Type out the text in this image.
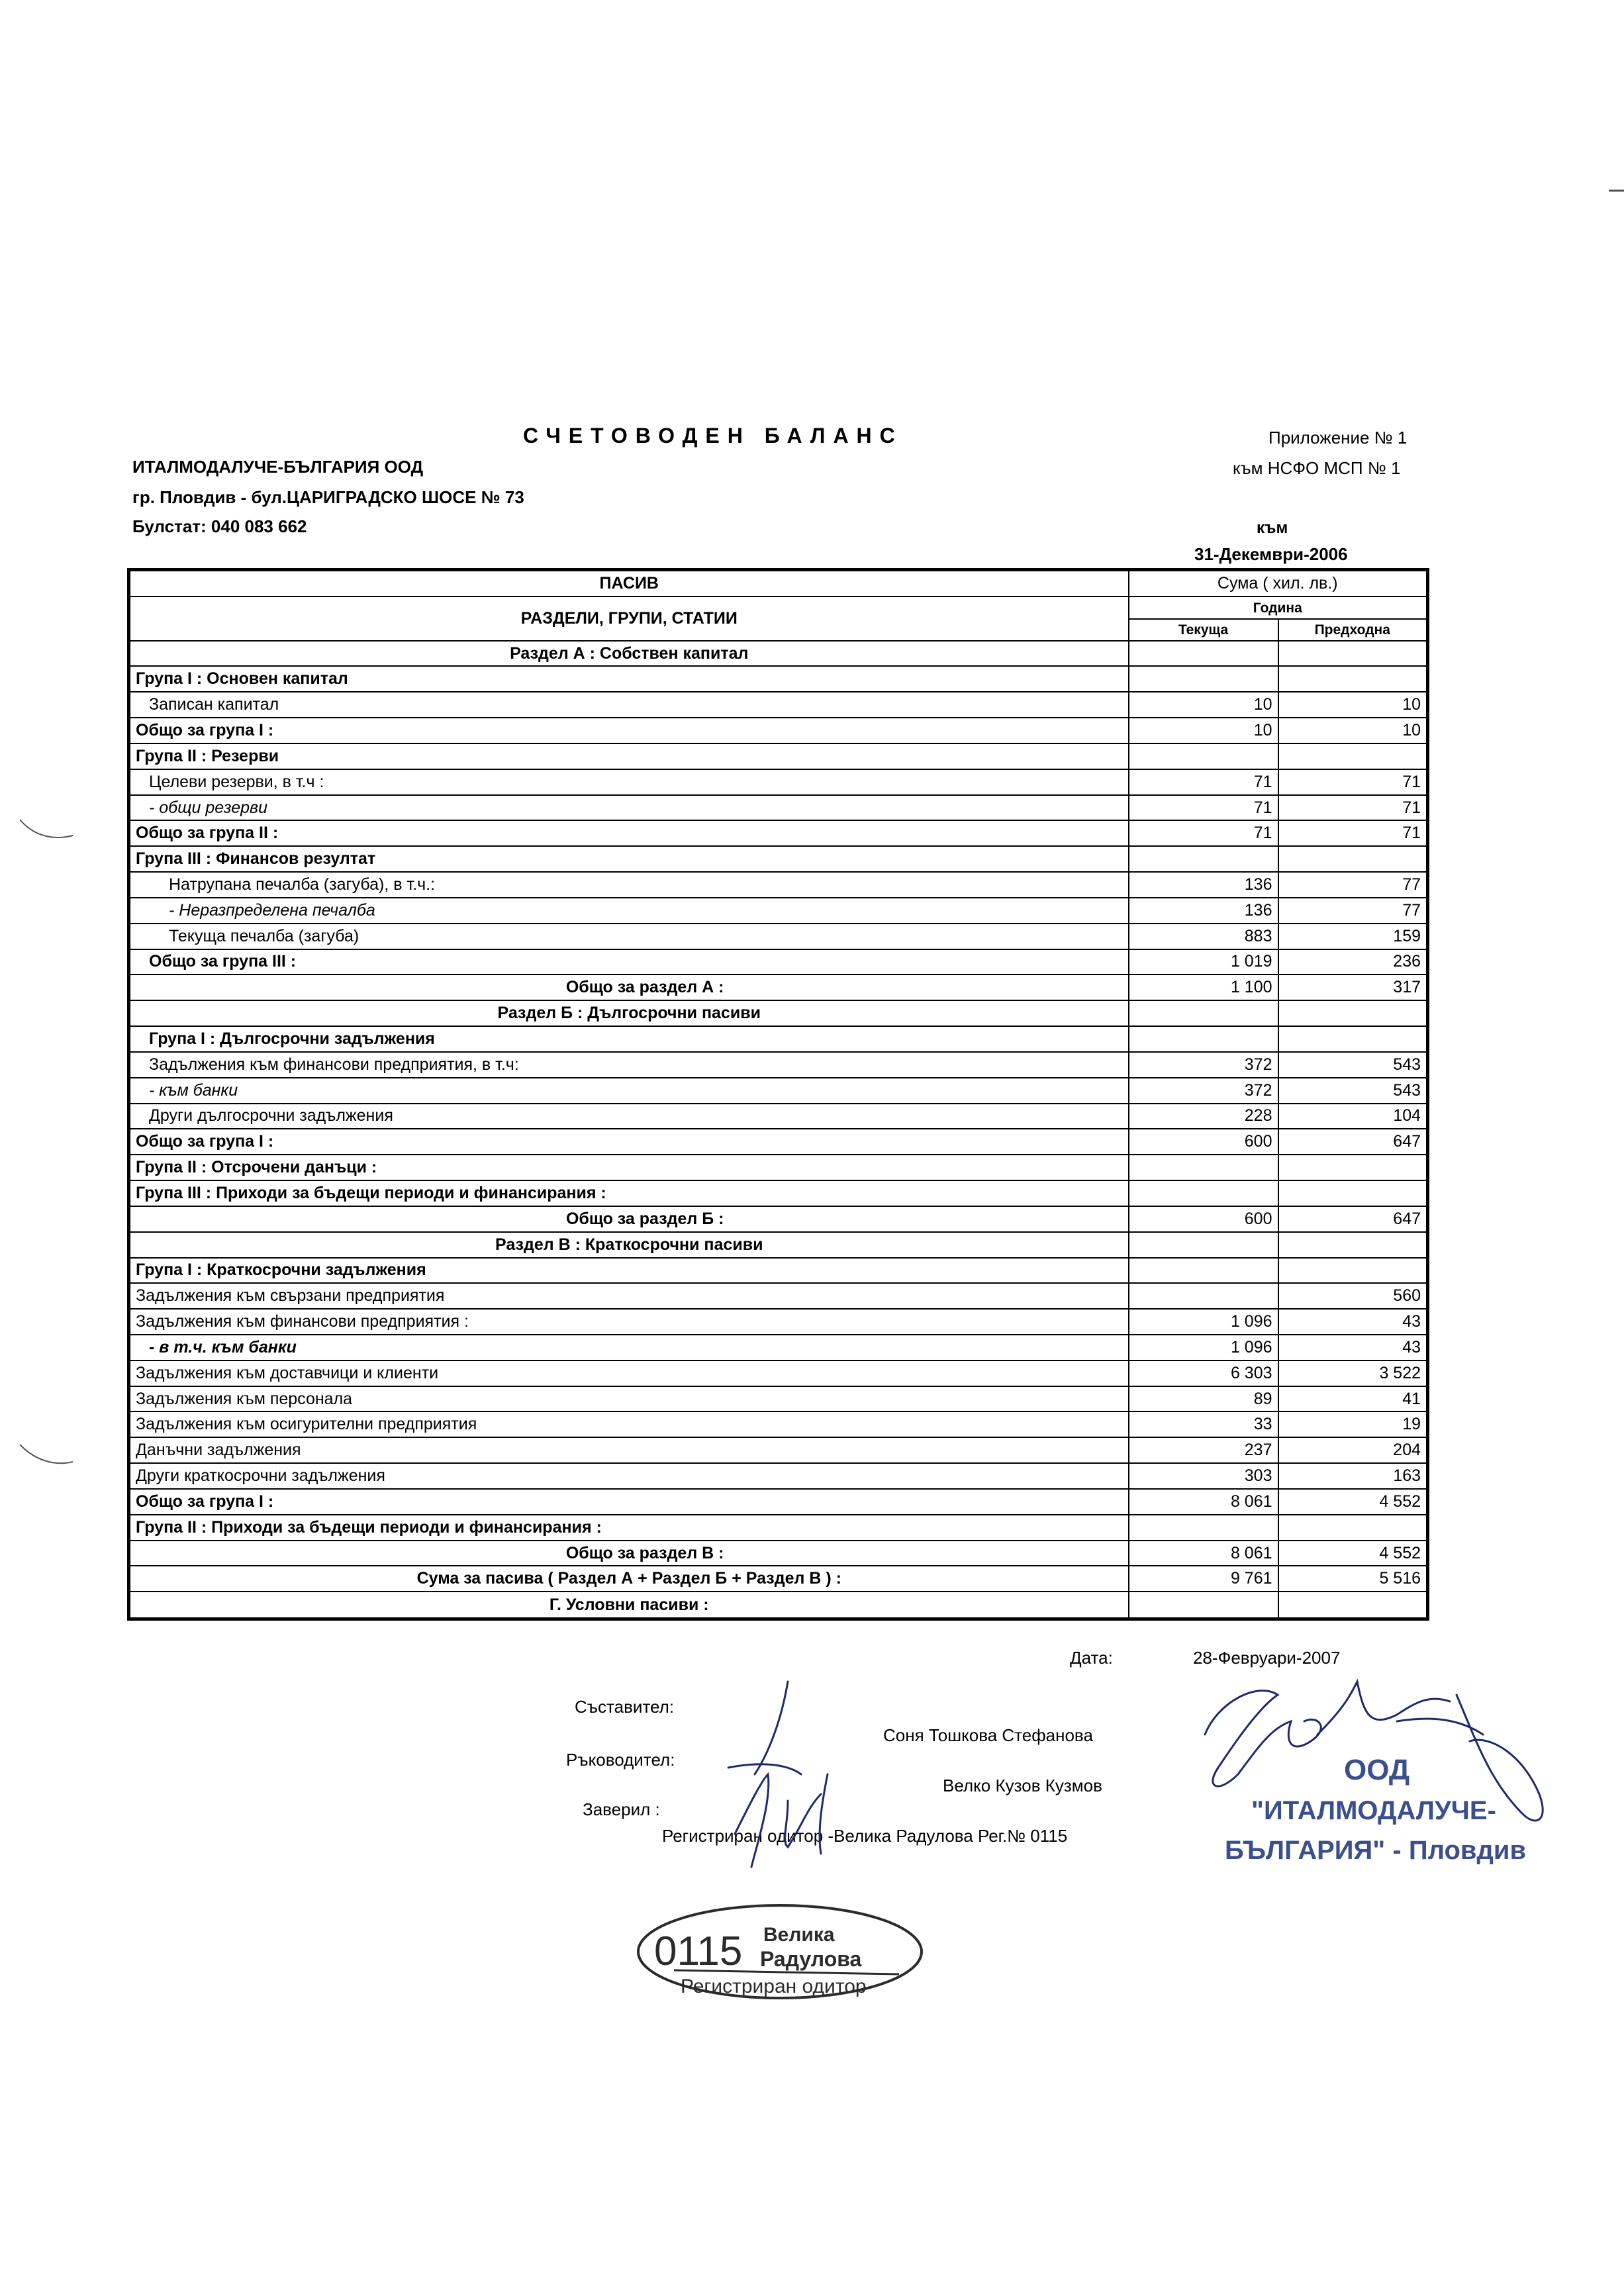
СЧЕТОВОДЕН БАЛАНС
ИТАЛМОДАЛУЧЕ-БЪЛГАРИЯ ООД
гр. Пловдив - бул.ЦАРИГРАДСКО ШОСЕ № 73
Булстат: 040 083 662
Приложение № 1
към НСФО МСП № 1
към
31-Декември-2006
ПАСИВ	Сума ( хил. лв.)	
РАЗДЕЛИ, ГРУПИ, СТАТИИ	Година	
	Текуща	Предходна
Раздел А : Собствен капитал		
Група I : Основен капитал		
Записан капитал	10	10
Общо за група I :	10	10
Група II : Резерви		
Целеви резерви, в т.ч :	71	71
- общи резерви	71	71
Общо за група II :	71	71
Група III : Финансов резултат		
Натрупана печалба (загуба), в т.ч.:	136	77
- Неразпределена печалба	136	77
Текуща печалба (загуба)	883	159
Общо за група III :	1 019	236
Общо за раздел А :	1 100	317
Раздел Б : Дългосрочни пасиви		
Група I : Дългосрочни задължения		
Задължения към финансови предприятия, в т.ч:	372	543
- към банки	372	543
Други дългосрочни задължения	228	104
Общо за група I :	600	647
Група II : Отсрочени данъци :		
Група III : Приходи за бъдещи периоди и финансирания :		
Общо за раздел Б :	600	647
Раздел В : Краткосрочни пасиви		
Група I : Краткосрочни задължения		
Задължения към свързани предприятия		560
Задължения към финансови предприятия :	1 096	43
- в т.ч. към банки	1 096	43
Задължения към доставчици и клиенти	6 303	3 522
Задължения към персонала	89	41
Задължения към осигурителни предприятия	33	19
Данъчни задължения	237	204
Други краткосрочни задължения	303	163
Общо за група I :	8 061	4 552
Група II : Приходи за бъдещи периоди и финансирания :		
Общо за раздел В :	8 061	4 552
Сума за пасива ( Раздел А + Раздел Б + Раздел В ) :	9 761	5 516
Г. Условни пасиви :		
Дата:	28-Февруари-2007
Съставител:
Соня Тошкова Стефанова
Ръководител:
Велко Кузов Кузмов
Заверил :
Регистриран одитор -Велика Радулова Рег.№ 0115
ООД
"ИТАЛМОДАЛУЧЕ-
БЪЛГАРИЯ" - Пловдив
0115 Велика
Радулова
Регистриран одитор
